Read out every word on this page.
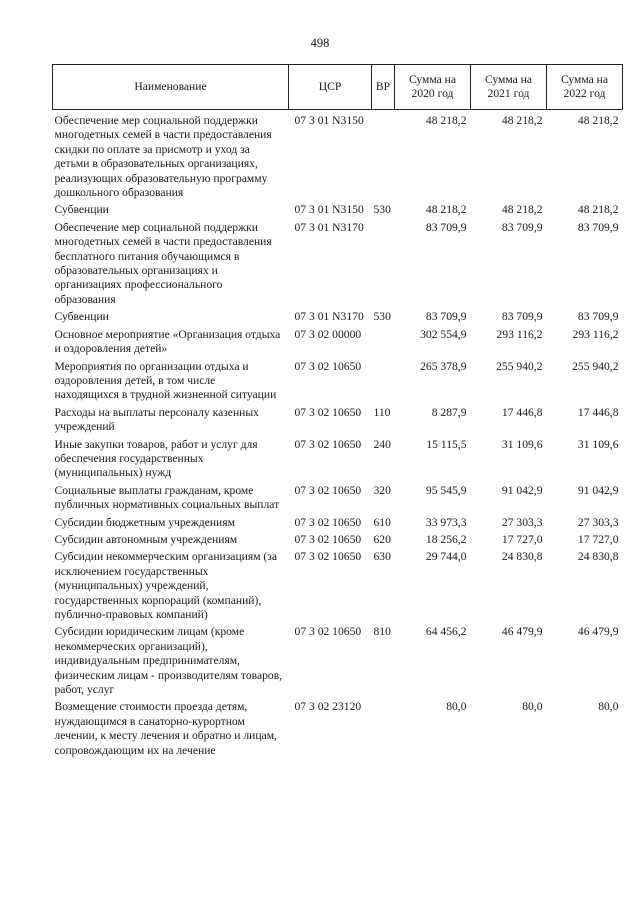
498
Наименование	ЦСР	ВР	Сумма на 2020 год	Сумма на 2021 год	Сумма на 2022 год
Обеспечение мер социальной поддержки многодетных семей в части предоставления скидки по оплате за присмотр и уход за детьми в образовательных организациях, реализующих образовательную программу дошкольного образования	07 3 01 N3150		48 218,2	48 218,2	48 218,2
Субвенции	07 3 01 N3150	530	48 218,2	48 218,2	48 218,2
Обеспечение мер социальной поддержки многодетных семей в части предоставления бесплатного питания обучающимся в образовательных организациях и организациях профессионального образования	07 3 01 N3170		83 709,9	83 709,9	83 709,9
Субвенции	07 3 01 N3170	530	83 709,9	83 709,9	83 709,9
Основное мероприятие «Организация отдыха и оздоровления детей»	07 3 02 00000		302 554,9	293 116,2	293 116,2
Мероприятия по организации отдыха и оздоровления детей, в том числе находящихся в трудной жизненной ситуации	07 3 02 10650		265 378,9	255 940,2	255 940,2
Расходы на выплаты персоналу казенных учреждений	07 3 02 10650	110	8 287,9	17 446,8	17 446,8
Иные закупки товаров, работ и услуг для обеспечения государственных (муниципальных) нужд	07 3 02 10650	240	15 115,5	31 109,6	31 109,6
Социальные выплаты гражданам, кроме публичных нормативных социальных выплат	07 3 02 10650	320	95 545,9	91 042,9	91 042,9
Субсидии бюджетным учреждениям	07 3 02 10650	610	33 973,3	27 303,3	27 303,3
Субсидии автономным учреждениям	07 3 02 10650	620	18 256,2	17 727,0	17 727,0
Субсидии некоммерческим организациям (за исключением государственных (муниципальных) учреждений, государственных корпораций (компаний), публично-правовых компаний)	07 3 02 10650	630	29 744,0	24 830,8	24 830,8
Субсидии юридическим лицам (кроме некоммерческих организаций), индивидуальным предпринимателям, физическим лицам - производителям товаров, работ, услуг	07 3 02 10650	810	64 456,2	46 479,9	46 479,9
Возмещение стоимости проезда детям, нуждающимся в санаторно-курортном лечении, к месту лечения и обратно и лицам, сопровождающим их на лечение	07 3 02 23120		80,0	80,0	80,0
